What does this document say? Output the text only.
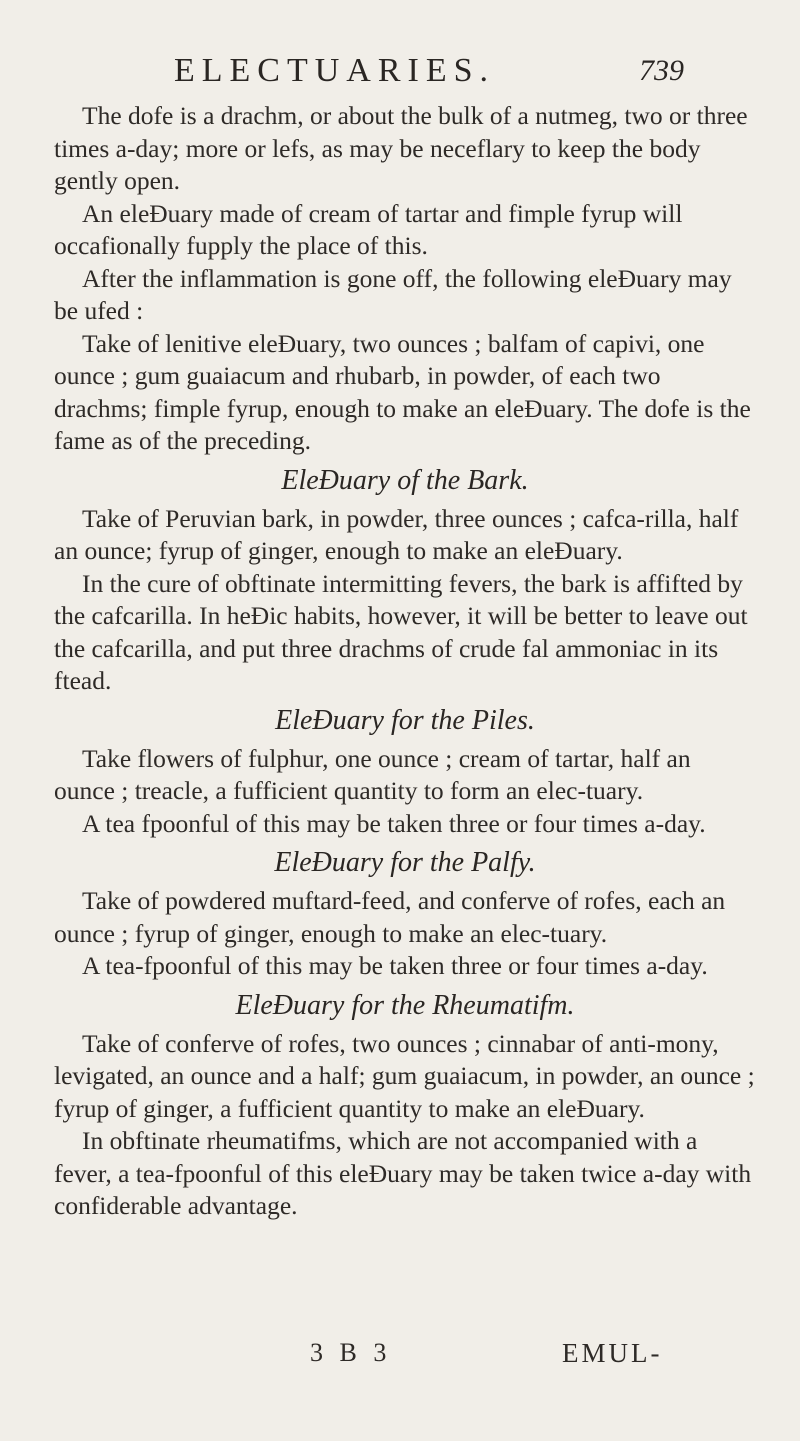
ELECTUARIES.	739

The dofe is a drachm, or about the bulk of a nutmeg, two or three times a-day; more or lefs, as may be neceflary to keep the body gently open.

An eleƉuary made of cream of tartar and fimple fyrup will occafionally fupply the place of this.

After the inflammation is gone off, the following eleƉuary may be ufed :

Take of lenitive eleƉuary, two ounces ; balfam of capivi, one ounce ; gum guaiacum and rhubarb, in powder, of each two drachms; fimple fyrup, enough to make an eleƉuary. The dofe is the fame as of the preceding.

EleƉuary of the Bark.

Take of Peruvian bark, in powder, three ounces ; cafca-rilla, half an ounce; fyrup of ginger, enough to make an eleƉuary.

In the cure of obftinate intermitting fevers, the bark is affifted by the cafcarilla. In heƉic habits, however, it will be better to leave out the cafcarilla, and put three drachms of crude fal ammoniac in its ftead.

EleƉuary for the Piles.

Take flowers of fulphur, one ounce ; cream of tartar, half an ounce ; treacle, a fufficient quantity to form an elec-tuary.

A tea fpoonful of this may be taken three or four times a-day.

EleƉuary for the Palfy.

Take of powdered muftard-feed, and conferve of rofes, each an ounce ; fyrup of ginger, enough to make an elec-tuary.

A tea-fpoonful of this may be taken three or four times a-day.

EleƉuary for the Rheumatifm.

Take of conferve of rofes, two ounces ; cinnabar of anti-mony, levigated, an ounce and a half; gum guaiacum, in powder, an ounce ; fyrup of ginger, a fufficient quantity to make an eleƉuary.

In obftinate rheumatifms, which are not accompanied with a fever, a tea-fpoonful of this eleƉuary may be taken twice a-day with confiderable advantage.

3 B 3	EMUL-
